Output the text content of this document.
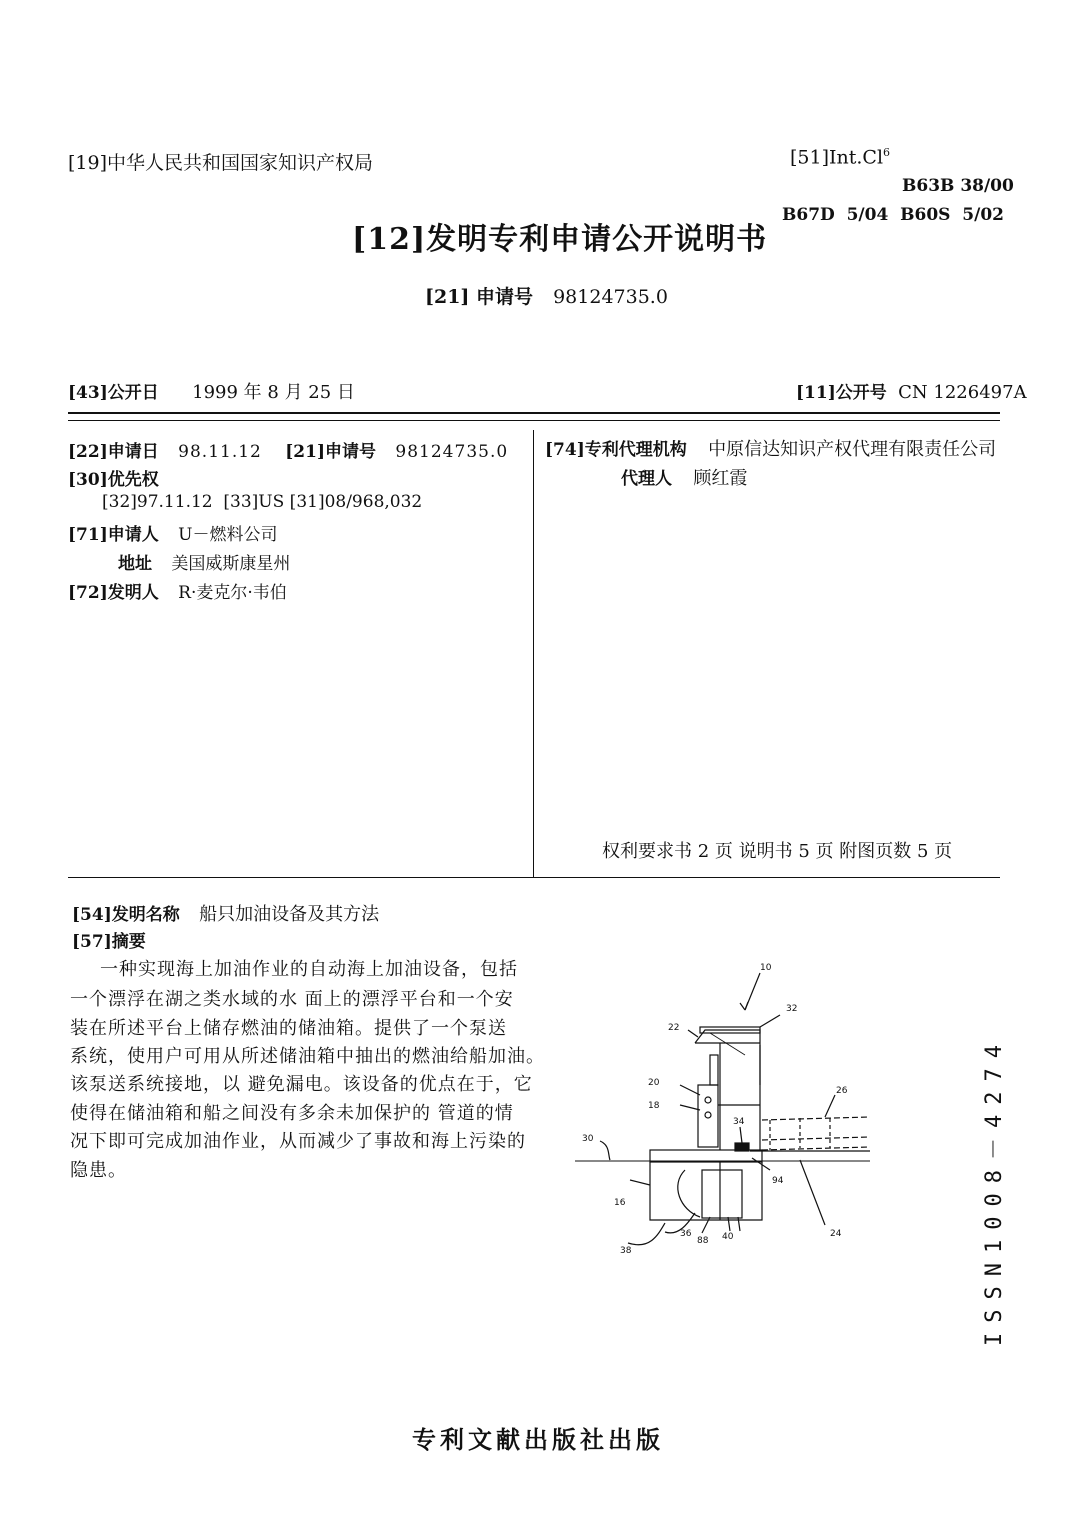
[19]中华人民共和国国家知识产权局
[12]发明专利申请公开说明书
[21] 申请号 98124735.0
[51]Int.Cl$^6$
B63B 38/00
B67D  5/04  B60S  5/02
[43]公开日 1999 年 8 月 25 日	[11]公开号 CN 1226497A
[22]申请日 98.11.12 [21]申请号 98124735.0
[30]优先权
[32]97.11.12  [33]US [31]08/968,032
[71]申请人 U－燃料公司
地址 美国威斯康星州
[72]发明人 R·麦克尔·韦伯
[74]专利代理机构 中原信达知识产权代理有限责任公司
代理人 顾红霞
权利要求书 2 页 说明书 5 页 附图页数 5 页
[54]发明名称 船只加油设备及其方法
[57]摘要
一种实现海上加油作业的自动海上加油设备，包括
一个漂浮在湖之类水域的水 面上的漂浮平台和一个安
装在所述平台上储存燃油的储油箱。提供了一个泵送
系统，使用户可用从所述储油箱中抽出的燃油给船加油。
该泵送系统接地，以 避免漏电。该设备的优点在于，它
使得在储油箱和船之间没有多余未加保护的 管道的情
况下即可完成加油作业，从而减少了事故和海上污染的
隐患。
10
32
22
20
18
34
26
30
16
94
36
88 40	24
38	ISSN1008－4274
专利文献出版社出版
